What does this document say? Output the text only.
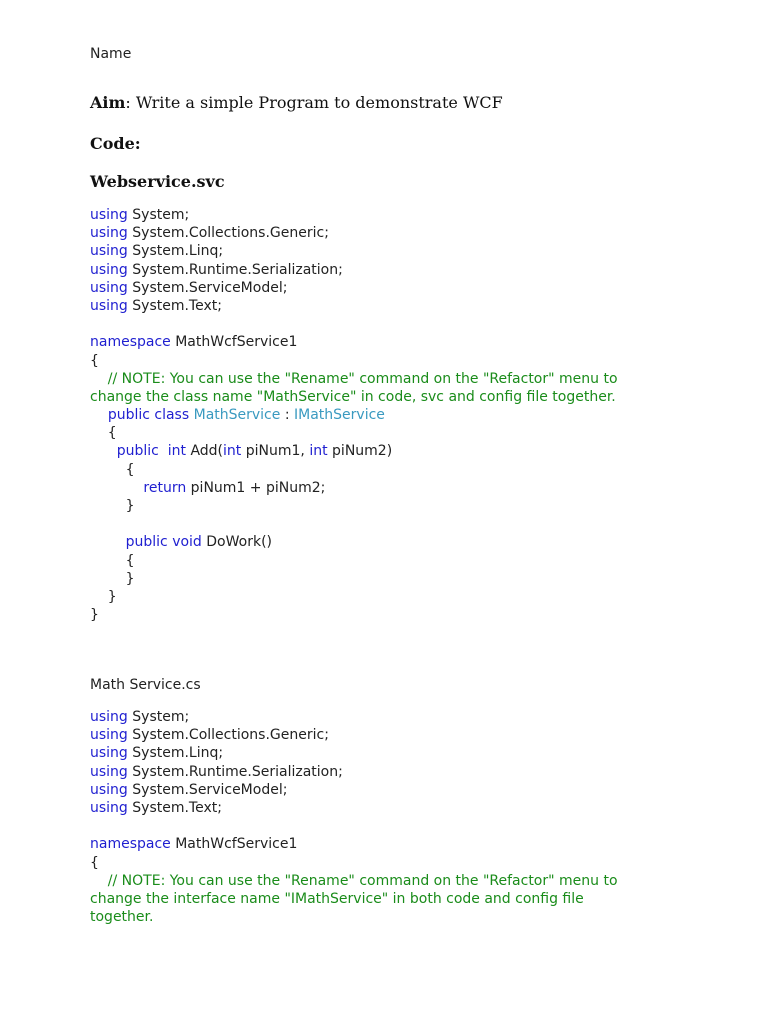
Name
Aim: Write a simple Program to demonstrate WCF
Code:
Webservice.svc
using System;
using System.Collections.Generic;
using System.Linq;
using System.Runtime.Serialization;
using System.ServiceModel;
using System.Text;

namespace MathWcfService1
{
// NOTE: You can use the "Rename" command on the "Refactor" menu to
change the class name "MathService" in code, svc and config file together.
public class MathService : IMathService
{
public int Add(int piNum1, int piNum2)
{
return piNum1 + piNum2;
}

public void DoWork()
{
}
}
}
Math Service.cs
using System;
using System.Collections.Generic;
using System.Linq;
using System.Runtime.Serialization;
using System.ServiceModel;
using System.Text;

namespace MathWcfService1
{
// NOTE: You can use the "Rename" command on the "Refactor" menu to
change the interface name "IMathService" in both code and config file
together.
